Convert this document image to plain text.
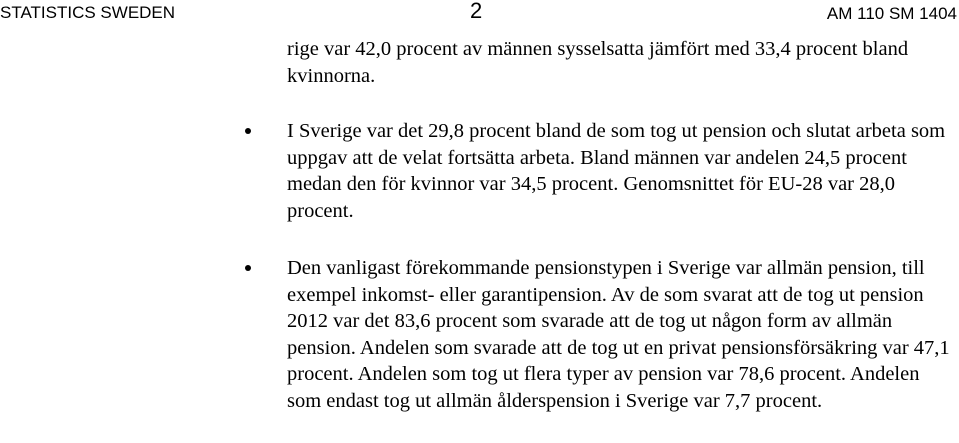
STATISTICS SWEDEN	2	AM 110 SM 1404

rige var 42,0 procent av männen sysselsatta jämfört med 33,4 procent bland kvinnorna.

I Sverige var det 29,8 procent bland de som tog ut pension och slutat arbeta som uppgav att de velat fortsätta arbeta. Bland männen var andelen 24,5 procent medan den för kvinnor var 34,5 procent. Genomsnittet för EU-28 var 28,0 procent.

Den vanligast förekommande pensionstypen i Sverige var allmän pension, till exempel inkomst- eller garantipension. Av de som svarat att de tog ut pension 2012 var det 83,6 procent som svarade att de tog ut någon form av allmän pension. Andelen som svarade att de tog ut en privat pensionsförsäkring var 47,1 procent. Andelen som tog ut flera typer av pension var 78,6 procent. Andelen som endast tog ut allmän ålderspension i Sverige var 7,7 procent.
